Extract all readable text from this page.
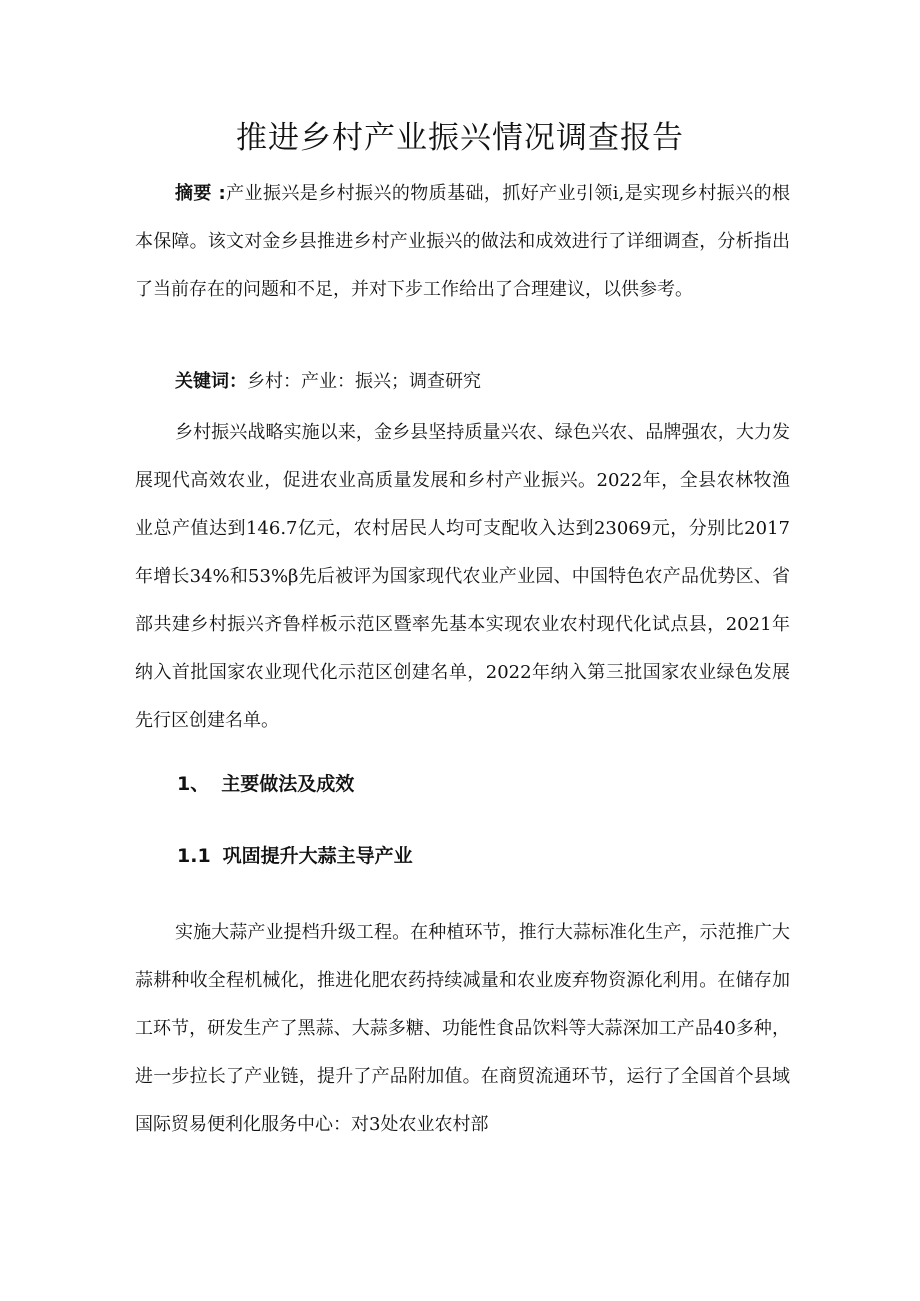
推进乡村产业振兴情况调查报告

摘要 :产业振兴是乡村振兴的物质基础，抓好产业引领i,是实现乡村振兴的根本保障。该文对金乡县推进乡村产业振兴的做法和成效进行了详细调查，分析指出了当前存在的问题和不足，并对下步工作给出了合理建议，以供参考。

关键词：乡村：产业：振兴；调查研究

乡村振兴战略实施以来，金乡县坚持质量兴农、绿色兴农、品牌强农，大力发展现代高效农业，促进农业高质量发展和乡村产业振兴。2022年，全县农林牧渔业总产值达到146.7亿元，农村居民人均可支配收入达到23069元，分别比2017年增长34%和53%β先后被评为国家现代农业产业园、中国特色农产品优势区、省部共建乡村振兴齐鲁样板示范区暨率先基本实现农业农村现代化试点县，2021年纳入首批国家农业现代化示范区创建名单，2022年纳入第三批国家农业绿色发展先行区创建名单。

1、 主要做法及成效
1.1 巩固提升大蒜主导产业

实施大蒜产业提档升级工程。在种植环节，推行大蒜标准化生产，示范推广大蒜耕种收全程机械化，推进化肥农药持续减量和农业废弃物资源化利用。在储存加工环节，研发生产了黑蒜、大蒜多糖、功能性食品饮料等大蒜深加工产品40多种，进一步拉长了产业链，提升了产品附加值。在商贸流通环节，运行了全国首个县域国际贸易便利化服务中心：对3处农业农村部
